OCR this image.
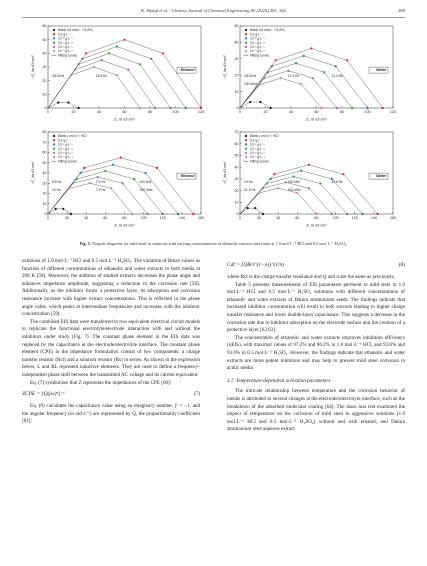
K. Hjouji et al. / Chinese Journal of Chemical Engineering 80 (2025) 281–302	289
0	20	40	60	80	100	120
0
10
20
30
40
50
60
Z_re /Ω·cm²
−Z_im /Ω·cm²
Blank 0.5 mol·L⁻¹ H₂SO₄
0.2 g·L⁻¹
10⁻¹ g·L⁻¹
10⁻² g·L⁻¹
10⁻³ g·L⁻¹
10⁻⁴ g·L⁻¹
Fitting curves
200 kHz	13.8 Hz
Ethanol
0	20	40	60	80	100	120
0
10
20
30
40
50
Z_re /Ω·cm²
−Z_im /Ω·cm²
Blank 0.5 mol·L⁻¹ H₂SO₄
0.2 g·L⁻¹
10⁻¹ g·L⁻¹
10⁻² g·L⁻¹
10⁻³ g·L⁻¹
10⁻⁴ g·L⁻¹
Fitting curves
200 kHz	17.3 Hz	21.3 Hz
100 mHz
Water
0	20	40	60	80	100	120	140	160
0
10
20
30
40
50
60
70
80
Z_re /Ω·cm²
−Z_im /Ω·cm²
Blank 1 mol·L⁻¹ HCl
0.2 g·L⁻¹
10⁻¹ g·L⁻¹
10⁻² g·L⁻¹
10⁻³ g·L⁻¹
10⁻⁴ g·L⁻¹
Fitting curves
6.5 Hz	7.9 Hz	100 kHz
10 Hz	7.9 Hz	100 mHz
Ethanol
0	20	40	60	80	100	120	140	160
0
10
20
30
40
50
60
70
Z_re /Ω·cm²
−Z_im /Ω·cm²
Blank 1 mol·L⁻¹ HCl
0.2 g·L⁻¹
10⁻¹ g·L⁻¹
10⁻² g·L⁻¹
10⁻³ g·L⁻¹
10⁻⁴ g·L⁻¹
Fitting curves
10 Hz	100 kHz	15.8 Hz
21.3 Hz	100 mHz
Water
Fig. 5. Nyquist diagrams for mild steel in solutions with varying concentrations of ethanolic extracts and water at 1.0 mol·L⁻¹ HCl and 0.5 mol·L⁻¹ H₂SO₄.

solutions of 1.0 mol·L⁻¹ HCl and 0.5 mol·L⁻¹ H₂SO₄. The variation of Rmax values as function of different concentrations of ethanolic and water extracts in both media at 298 K [58]. Moreover, the addition of studied extracts decreases the phase angle and enhances impedance amplitude, suggesting a reduction in the corrosion rate [58]. Additionally, as the inhibitor forms a protective layer, its adsorption and corrosion resistance increase with higher extract concentrations. This is reflected in the phase angle value, which peaks at intermediate frequencies and increases with the inhibitor concentration [59].

The combined EIS data were transferred to two equivalent electrical circuit models to replicate the functional electrolyte/electrode interaction with and without the inhibitors under study (Fig. 7). The constant phase element in the EIS data was replaced by the capacitance at the electrode/electrolyte interface. The constant phase element (CPE) in the impedance formulation consist of two components: a charge transfer resistor (Rct) and a solution resistor (Rs) in series. As shown in the expression below, L and RL represent inductive elements. They are used to define a frequency-independent phase shift between the transmitted AC voltage and its current equivalent:

Eq. (7) symbolizes that Z represents the impedances of the CPE [60]:

ZCPE = [Q(jω)ⁿ]⁻¹	(7)

Eq. (8) calculates the capacitance value using an imaginary number, j² = −1, and the angular frequency (in rad·s⁻¹) are represented by Q, the proportionality coefficient [61]:

Cdl = [QRct^(1−n)]^(1/n)	(8)

where Rct is the charge transfer resistance and Q and n are the same as previously.

Table 5 presents measurements of EIS parameters pertinent to mild steel in 1.0 mol·L⁻¹ HCl and 0.5 mol·L⁻¹ H₂SO₄ solutions with different concentrations of ethanolic and water extracts of Datura stramonium seeds. The findings indicate that increased inhibitor concentration will result in both extracts leading to higher charge transfer resistance and lower double-layer capacitance. This suggests a decrease in the corrosion rate due to inhibitor adsorption on the electrode surface and the creation of a protective layer [62,63].

The concentration of ethanolic and water extracts improves inhibition efficiency (ηEIS), with maximal values of 97.2% and 96.2% in 1.0 mol·L⁻¹ HCl, and 92.6% and 93.6% in 0.5 mol·L⁻¹ H₂SO₄. However, the findings indicate that ethanolic and water extracts are more potent inhibitors and may help to prevent mild steel corrosion in acidic media.

3.7. Temperature-dependent activation parameters

The intricate relationship between temperature and the corrosion behavior of metals is attributed to several changes at the electrode/electrolyte interface, such as the breakdown of the adsorbed molecular coating [64]. The mass loss test examined the impact of temperature on the corrosion of mild steel in aggressive solutions (1.0 mol·L⁻¹ HCl and 0.5 mol·L⁻¹ H₂SO₄) without and with ethanol, and Datura stramonium seed aqueous extract
